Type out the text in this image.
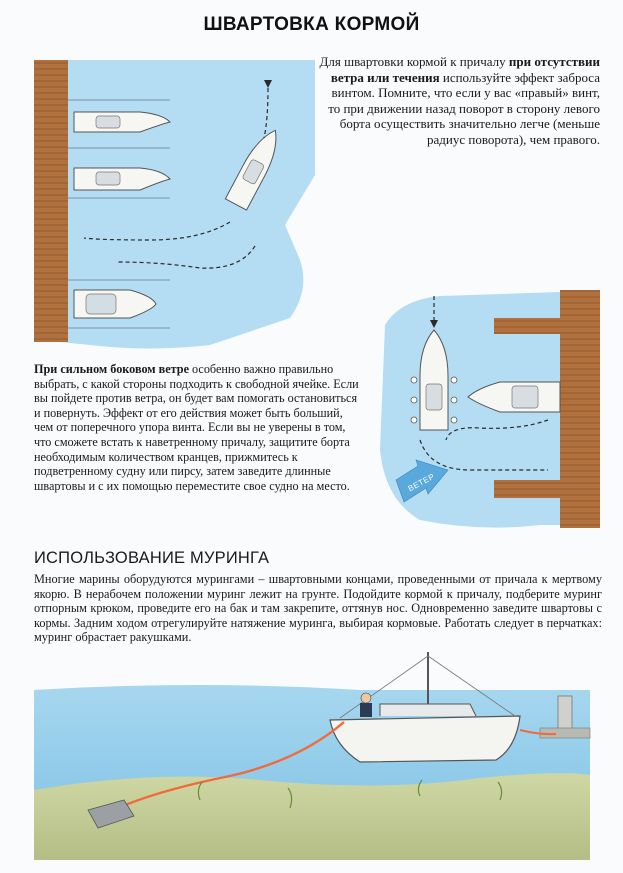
ШВАРТОВКА КОРМОЙ
Для швартовки кормой к причалу при отсутствии ветра или течения используйте эффект заброса винтом. Помните, что если у вас «правый» винт, то при движении назад поворот в сторону левого борта осуществить значительно легче (меньше радиус поворота), чем правого.
При сильном боковом ветре особенно важно правильно выбрать, с какой стороны подходить к свободной ячейке. Если вы пойдете против ветра, он будет вам помогать остановиться и повернуть. Эффект от его действия может быть больший, чем от поперечного упора винта. Если вы не уверены в том, что сможете встать к наветренному причалу, защитите борта необходимым количеством кранцев, прижмитесь к подветренному судну или пирсу, затем заведите длинные швартовы и с их помощью переместите свое судно на место.	ВЕТЕР
ИСПОЛЬЗОВАНИЕ МУРИНГА
Многие марины оборудуются мурингами – швартовными концами, проведенными от причала к мертвому якорю. В нерабочем положении муринг лежит на грунте. Подойдите кормой к причалу, подберите муринг отпорным крюком, проведите его на бак и там закрепите, оттянув нос. Одновременно заведите швартовы с кормы. Задним ходом отрегулируйте натяжение муринга, выбирая кормовые. Работать следует в перчатках: муринг обрастает ракушками.
